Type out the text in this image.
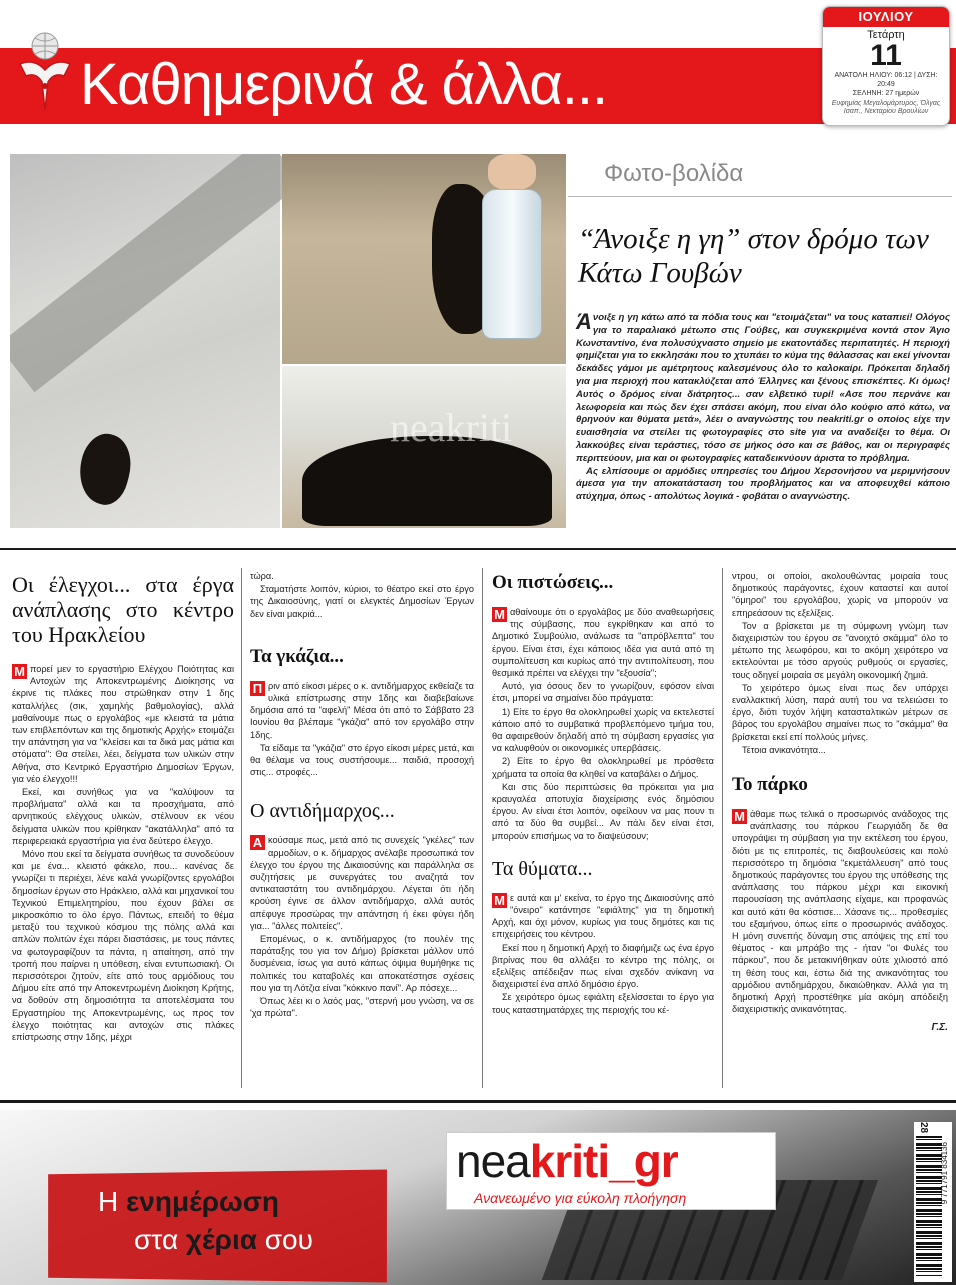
Καθημερινά & άλλα...
ΙΟΥΛΙΟΥ
Τετάρτη
11
ΑΝΑΤΟΛΗ ΗΛΙΟΥ: 06:12 | ΔΥΣΗ: 20:49
ΣΕΛΗΝΗ: 27 ημερών
Ευφημίας Μεγαλομάρτυρος, Όλγας Ισαπ., Νεκταρίου Βρουλίων
neakriti
Φωτο-βολίδα
“Άνοιξε η γη” στον δρόμο των Κάτω Γουβών
Άνοιξε η γη κάτω από τα πόδια τους και "ετοιμάζεται" να τους καταπιεί! Ολόγος για το παραλιακό μέτωπο στις Γούβες, και συγκεκριμένα κοντά στον Άγιο Κωνσταντίνο, ένα πολυσύχναστο σημείο με εκατοντάδες περιπατητές. Η περιοχή φημίζεται για το εκκλησάκι που το χτυπάει το κύμα της θάλασσας και εκεί γίνονται δεκάδες γάμοι με αμέτρητους καλεσμένους όλο το καλοκαίρι. Πρόκειται δηλαδή για μια περιοχή που κατακλύζεται από Έλληνες και ξένους επισκέπτες. Κι όμως! Αυτός ο δρόμος είναι διάτρητος... σαν ελβετικό τυρί! «Ασε που περνάνε και λεωφορεία και πώς δεν έχει σπάσει ακόμη, που είναι όλο κούφιο από κάτω, να θρηνούν και θύματα μετά», λέει ο αναγνώστης του neakriti.gr ο οποίος είχε την ευαισθησία να στείλει τις φωτογραφίες στο site για να αναδείξει το θέμα. Οι λακκούβες είναι τεράστιες, τόσο σε μήκος όσο και σε βάθος, και οι περιγραφές περιττεύουν, μια και οι φωτογραφίες καταδεικνύουν άριστα το πρόβλημα.
Ας ελπίσουμε οι αρμόδιες υπηρεσίες του Δήμου Χερσονήσου να μεριμνήσουν άμεσα για την αποκατάσταση του προβλήματος και να αποφευχθεί κάποιο ατύχημα, όπως - απολύτως λογικά - φοβάται ο αναγνώστης.
Οι έλεγχοι... στα έργα ανάπλασης στο κέντρο του Ηρακλείου

Μ πορεί μεν το εργαστήριο Ελέγχου Ποιότητας και Αντοχών της Αποκεντρωμένης Διοίκησης να έκρινε τις πλάκες που στρώθηκαν στην 1 δης καταλλήλες (σικ, χαμηλής βαθμολογίας), αλλά μαθαίνουμε πως ο εργολάβος «με κλειστά τα μάτια των επιβλεπόντων και της δημοτικής Αρχής» ετοιμάζει την απάντηση για να "κλείσει και τα δικά μας μάτια και στόματα": Θα στείλει, λέει, δείγματα των υλικών στην Αθήνα, στο Κεντρικό Εργαστήριο Δημοσίων Έργων, για νέο έλεγχο!!!

Εκεί, και συνήθως για να "καλύψουν τα προβλήματα" αλλά και τα προσχήματα, από αρνητικούς ελέγχους υλικών, στέλνουν εκ νέου δείγματα υλικών που κρίθηκαν "ακατάλληλα" από τα περιφερειακά εργαστήρια για ένα δεύτερο έλεγχο.

Μόνο που εκεί τα δείγματα συνήθως τα συνοδεύουν και με ένα... κλειστό φάκελο, που... κανένας δε γνωρίζει τι περιέχει, λένε καλά γνωρίζοντες εργολάβοι δημοσίων έργων στο Ηράκλειο, αλλά και μηχανικοί του Τεχνικού Επιμελητηρίου, που έχουν βάλει σε μικροσκόπιο το όλο έργο. Πάντως, επειδή το θέμα μεταξύ του τεχνικού κόσμου της πόλης αλλά και απλών πολιτών έχει πάρει διαστάσεις, με τους πάντες να φωτογραφίζουν τα πάντα, η απαίτηση, από την τροπή που παίρνει η υπόθεση, είναι εντυπωσιακή. Οι περισσότεροι ζητούν, είτε από τους αρμόδιους του Δήμου είτε από την Αποκεντρωμένη Διοίκηση Κρήτης, να δοθούν στη δημοσιότητα τα αποτελέσματα του Εργαστηρίου της Αποκεντρωμένης, ως προς τον έλεγχο ποιότητας και αντοχών στις πλάκες επίστρωσης στην 1δης, μέχρι

τώρα.

Σταματήστε λοιπόν, κύριοι, το θέατρο εκεί στο έργο της Δικαιοσύνης, γιατί οι ελεγκτές Δημοσίων Έργων δεν είναι μακριά...

Τα γκάζια...

Π ριν από είκοσι μέρες ο κ. αντιδήμαρχος εκθείαζε τα υλικά επίστρωσης στην 1δης και διαβεβαίωνε δημόσια από τα "αφελή" Μέσα ότι από το Σάββατο 23 Ιουνίου θα βλέπαμε "γκάζια" από τον εργολάβο στην 1δης.

Τα είδαμε τα "γκάζια" στο έργο είκοσι μέρες μετά, και θα θέλαμε να τους συστήσουμε... παιδιά, προσοχή στις... στροφές...

Ο αντιδήμαρχος...

Α κούσαμε πως, μετά από τις συνεχείς "γκέλες" των αρμοδίων, ο κ. δήμαρχος ανέλαβε προσωπικά τον έλεγχο του έργου της Δικαιοσύνης και παράλληλα σε συζητήσεις με συνεργάτες του αναζητά τον αντικαταστάτη του αντιδημάρχου. Λέγεται ότι ήδη κρούση έγινε σε άλλον αντιδήμαρχο, αλλά αυτός απέφυγε προσώρας την απάντηση ή έκει φύγει ήδη για... "άλλες πολιτείες".

Επομένως, ο κ. αντιδήμαρχος (το πουλέν της παράταξης του για τον Δήμο) βρίσκεται μάλλον υπό δυσμένεια, ίσως για αυτό κάπως όψιμα θυμήθηκε τις πολιτικές του καταβολές και αποκατέστησε σχέσεις που για τη Λότζια είναι "κόκκινο πανί". Αρ πόσεχε...

Όπως λέει κι ο λαός μας, "στερνή μου γνώση, να σε 'χα πρώτα".

Οι πιστώσεις...

Μ αθαίνουμε ότι ο εργολάβος με δύο αναθεωρήσεις της σύμβασης, που εγκρίθηκαν και από το Δημοτικό Συμβούλιο, ανάλωσε τα "απρόβλεπτα" του έργου. Είναι έτσι, έχει κάποιος ιδέα για αυτά από τη συμπολίτευση και κυρίως από την αντιπολίτευση, που θεσμικά πρέπει να ελέγχει την "εξουσία";

Αυτό, για όσους δεν το γνωρίζουν, εφόσον είναι έτσι, μπορεί να σημαίνει δύο πράγματα:

1) Είτε το έργο θα ολοκληρωθεί χωρίς να εκτελεστεί κάποιο από το συμβατικά προβλεπόμενο τμήμα του, θα αφαιρεθούν δηλαδή από τη σύμβαση εργασίες για να καλυφθούν οι οικονομικές υπερβάσεις.

2) Είτε το έργο θα ολοκληρωθεί με πρόσθετα χρήματα τα οποία θα κληθεί να καταβάλει ο Δήμος.

Και στις δύο περιπτώσεις θα πρόκειται για μια κραυγαλέα αποτυχία διαχείρισης ενός δημόσιου έργου. Αν είναι έτσι λοιπόν, οφείλουν να μας πουν τι από τα δύο θα συμβεί... Αν πάλι δεν είναι έτσι, μπορούν επισήμως να το διαψεύσουν;

Τα θύματα...

Μ ε αυτά και μ' εκείνα, το έργο της Δικαιοσύνης από "όνειρο" κατάντησε "εφιάλτης" για τη δημοτική Αρχή, και όχι μόνον, κυρίως για τους δημότες και τις επιχειρήσεις του κέντρου.

Εκεί που η δημοτική Αρχή το διαφήμιζε ως ένα έργο βιτρίνας που θα αλλάξει το κέντρο της πόλης, οι εξελίξεις απέδειξαν πως είναι σχεδόν ανίκανη να διαχειριστεί ένα απλό δημόσιο έργο.

Σε χειρότερο όμως εφιάλτη εξελίσσεται το έργο για τους καταστηματάρχες της περιοχής του κέ-

ντρου, οι οποίοι, ακολουθώντας μοιραία τους δημοτικούς παράγοντες, έχουν καταστεί και αυτοί "όμηροι" του εργολάβου, χωρίς να μπορούν να επηρεάσουν τις εξελίξεις.

Τον α βρίσκεται με τη σύμφωνη γνώμη των διαχειριστών του έργου σε "ανοιχτό σκάμμα" όλο το μέτωπο της λεωφόρου, και το ακόμη χειρότερο να εκτελούνται με τόσο αργούς ρυθμούς οι εργασίες, τους οδηγεί μοιραία σε μεγάλη οικονομική ζημιά.

Το χειρότερο όμως είναι πως δεν υπάρχει εναλλακτική λύση, παρά αυτή του να τελειώσει το έργο, διότι τυχόν λήψη κατασταλτικών μέτρων σε βάρος του εργολάβου σημαίνει πως το "σκάμμα" θα βρίσκεται εκεί επί πολλούς μήνες.

Τέτοια ανικανότητα...

Το πάρκο

Μ άθαμε πως τελικά ο προσωρινός ανάδοχος της ανάπλασης του πάρκου Γεωργιάδη δε θα υπογράψει τη σύμβαση για την εκτέλεση του έργου, διότι με τις επιτροπές, τις διαβουλεύσεις και πολύ περισσότερο τη δημόσια "εκμετάλλευση" από τους δημοτικούς παράγοντες του έργου της υπόθεσης της ανάπλασης του πάρκου μέχρι και εικονική παρουσίαση της ανάπλασης είχαμε, και προφανώς και αυτό κάτι θα κόστισε... Χάσανε τις... προθεσμίες του εξαμήνου, όπως είπε ο προσωρινός ανάδοχος. Η μόνη συνεπής δύναμη στις απόψεις της επί του θέματος - και μπράβο της - ήταν "οι Φυλές του πάρκου", που δε μετακινήθηκαν ούτε χιλιοστό από τη θέση τους και, έστω διά της ανικανότητας του αρμόδιου αντιδημάρχου, δικαιώθηκαν. Αλλά για τη δημοτική Αρχή προστέθηκε μία ακόμη απόδειξη διαχειριστικής ανικανότητας.

Γ.Σ.
Η ενημέρωση
στα χέρια σου
neakriti_gr
Ανανεωμένο για εύκολη πλοήγηση
28
9 771791 834136
